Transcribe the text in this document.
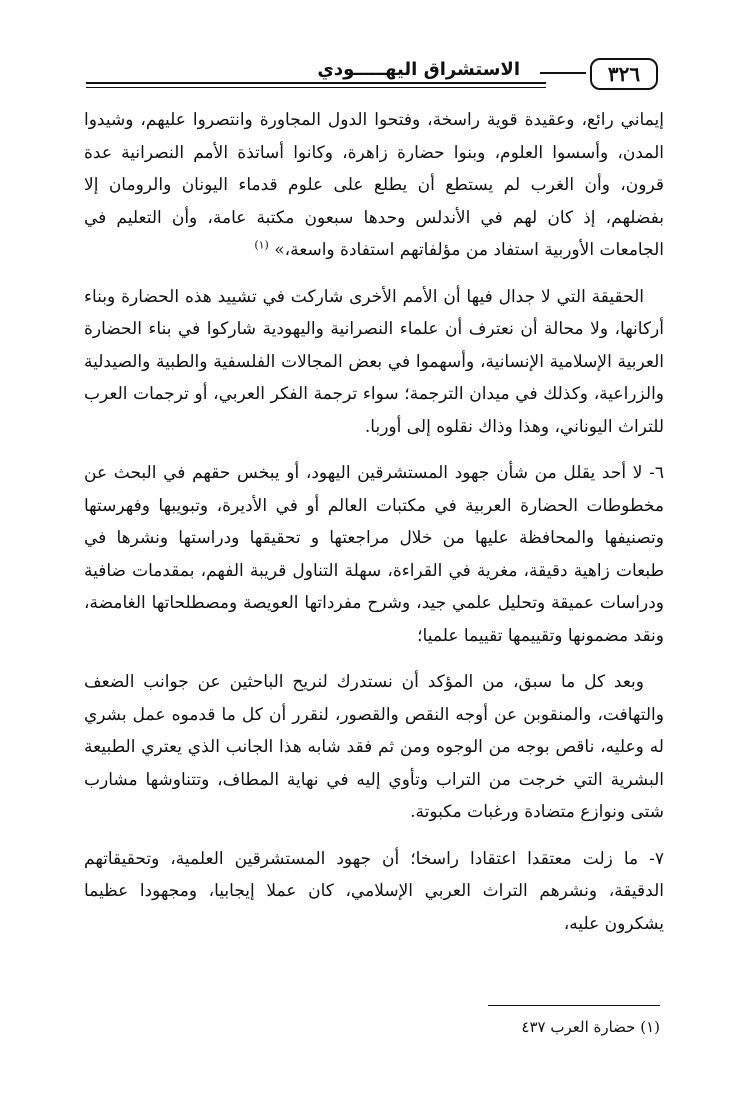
الاستشراق اليهـــــودي	٣٢٦

إيماني رائع، وعقيدة قوية راسخة، وفتحوا الدول المجاورة وانتصروا عليهم، وشيدوا المدن، وأسسوا العلوم، وبنوا حضارة زاهرة، وكانوا أساتذة الأمم النصرانية عدة قرون، وأن الغرب لم يستطع أن يطلع على علوم قدماء اليونان والرومان إلا بفضلهم، إذ كان لهم في الأندلس وحدها سبعون مكتبة عامة، وأن التعليم في الجامعات الأوربية استفاد من مؤلفاتهم استفادة واسعة،» $^{(١)}$

الحقيقة التي لا جدال فيها أن الأمم الأخرى شاركت في تشييد هذه الحضارة وبناء أركانها، ولا محالة أن نعترف أن علماء النصرانية واليهودية شاركوا في بناء الحضارة العربية الإسلامية الإنسانية، وأسهموا في بعض المجالات الفلسفية والطبية والصيدلية والزراعية، وكذلك في ميدان الترجمة؛ سواء ترجمة الفكر العربي، أو ترجمات العرب للتراث اليوناني، وهذا وذاك نقلوه إلى أوربا.

٦- لا أحد يقلل من شأن جهود المستشرقين اليهود، أو يبخس حقهم في البحث عن مخطوطات الحضارة العربية في مكتبات العالم أو في الأديرة، وتبويبها وفهرستها وتصنيفها والمحافظة عليها من خلال مراجعتها و تحقيقها ودراستها ونشرها في طبعات زاهية دقيقة، مغرية في القراءة، سهلة التناول قريبة الفهم، بمقدمات ضافية ودراسات عميقة وتحليل علمي جيد، وشرح مفرداتها العويصة ومصطلحاتها الغامضة، ونقد مضمونها وتقييمها تقييما علميا؛

وبعد كل ما سبق، من المؤكد أن نستدرك لنريح الباحثين عن جوانب الضعف والتهافت، والمنقوبن عن أوجه النقص والقصور، لنقرر أن كل ما قدموه عمل بشري له وعليه، ناقص بوجه من الوجوه ومن ثم فقد شابه هذا الجانب الذي يعتري الطبيعة البشرية التي خرجت من التراب وتأوي إليه في نهاية المطاف، وتتناوشها مشارب شتى ونوازع متضادة ورغبات مكبوتة.

٧- ما زلت معتقدا اعتقادا راسخا؛ أن جهود المستشرقين العلمية، وتحقيقاتهم الدقيقة، ونشرهم التراث العربي الإسلامي، كان عملا إيجابيا، ومجهودا عظيما يشكرون عليه،

(١) حضارة العرب ٤٣٧
